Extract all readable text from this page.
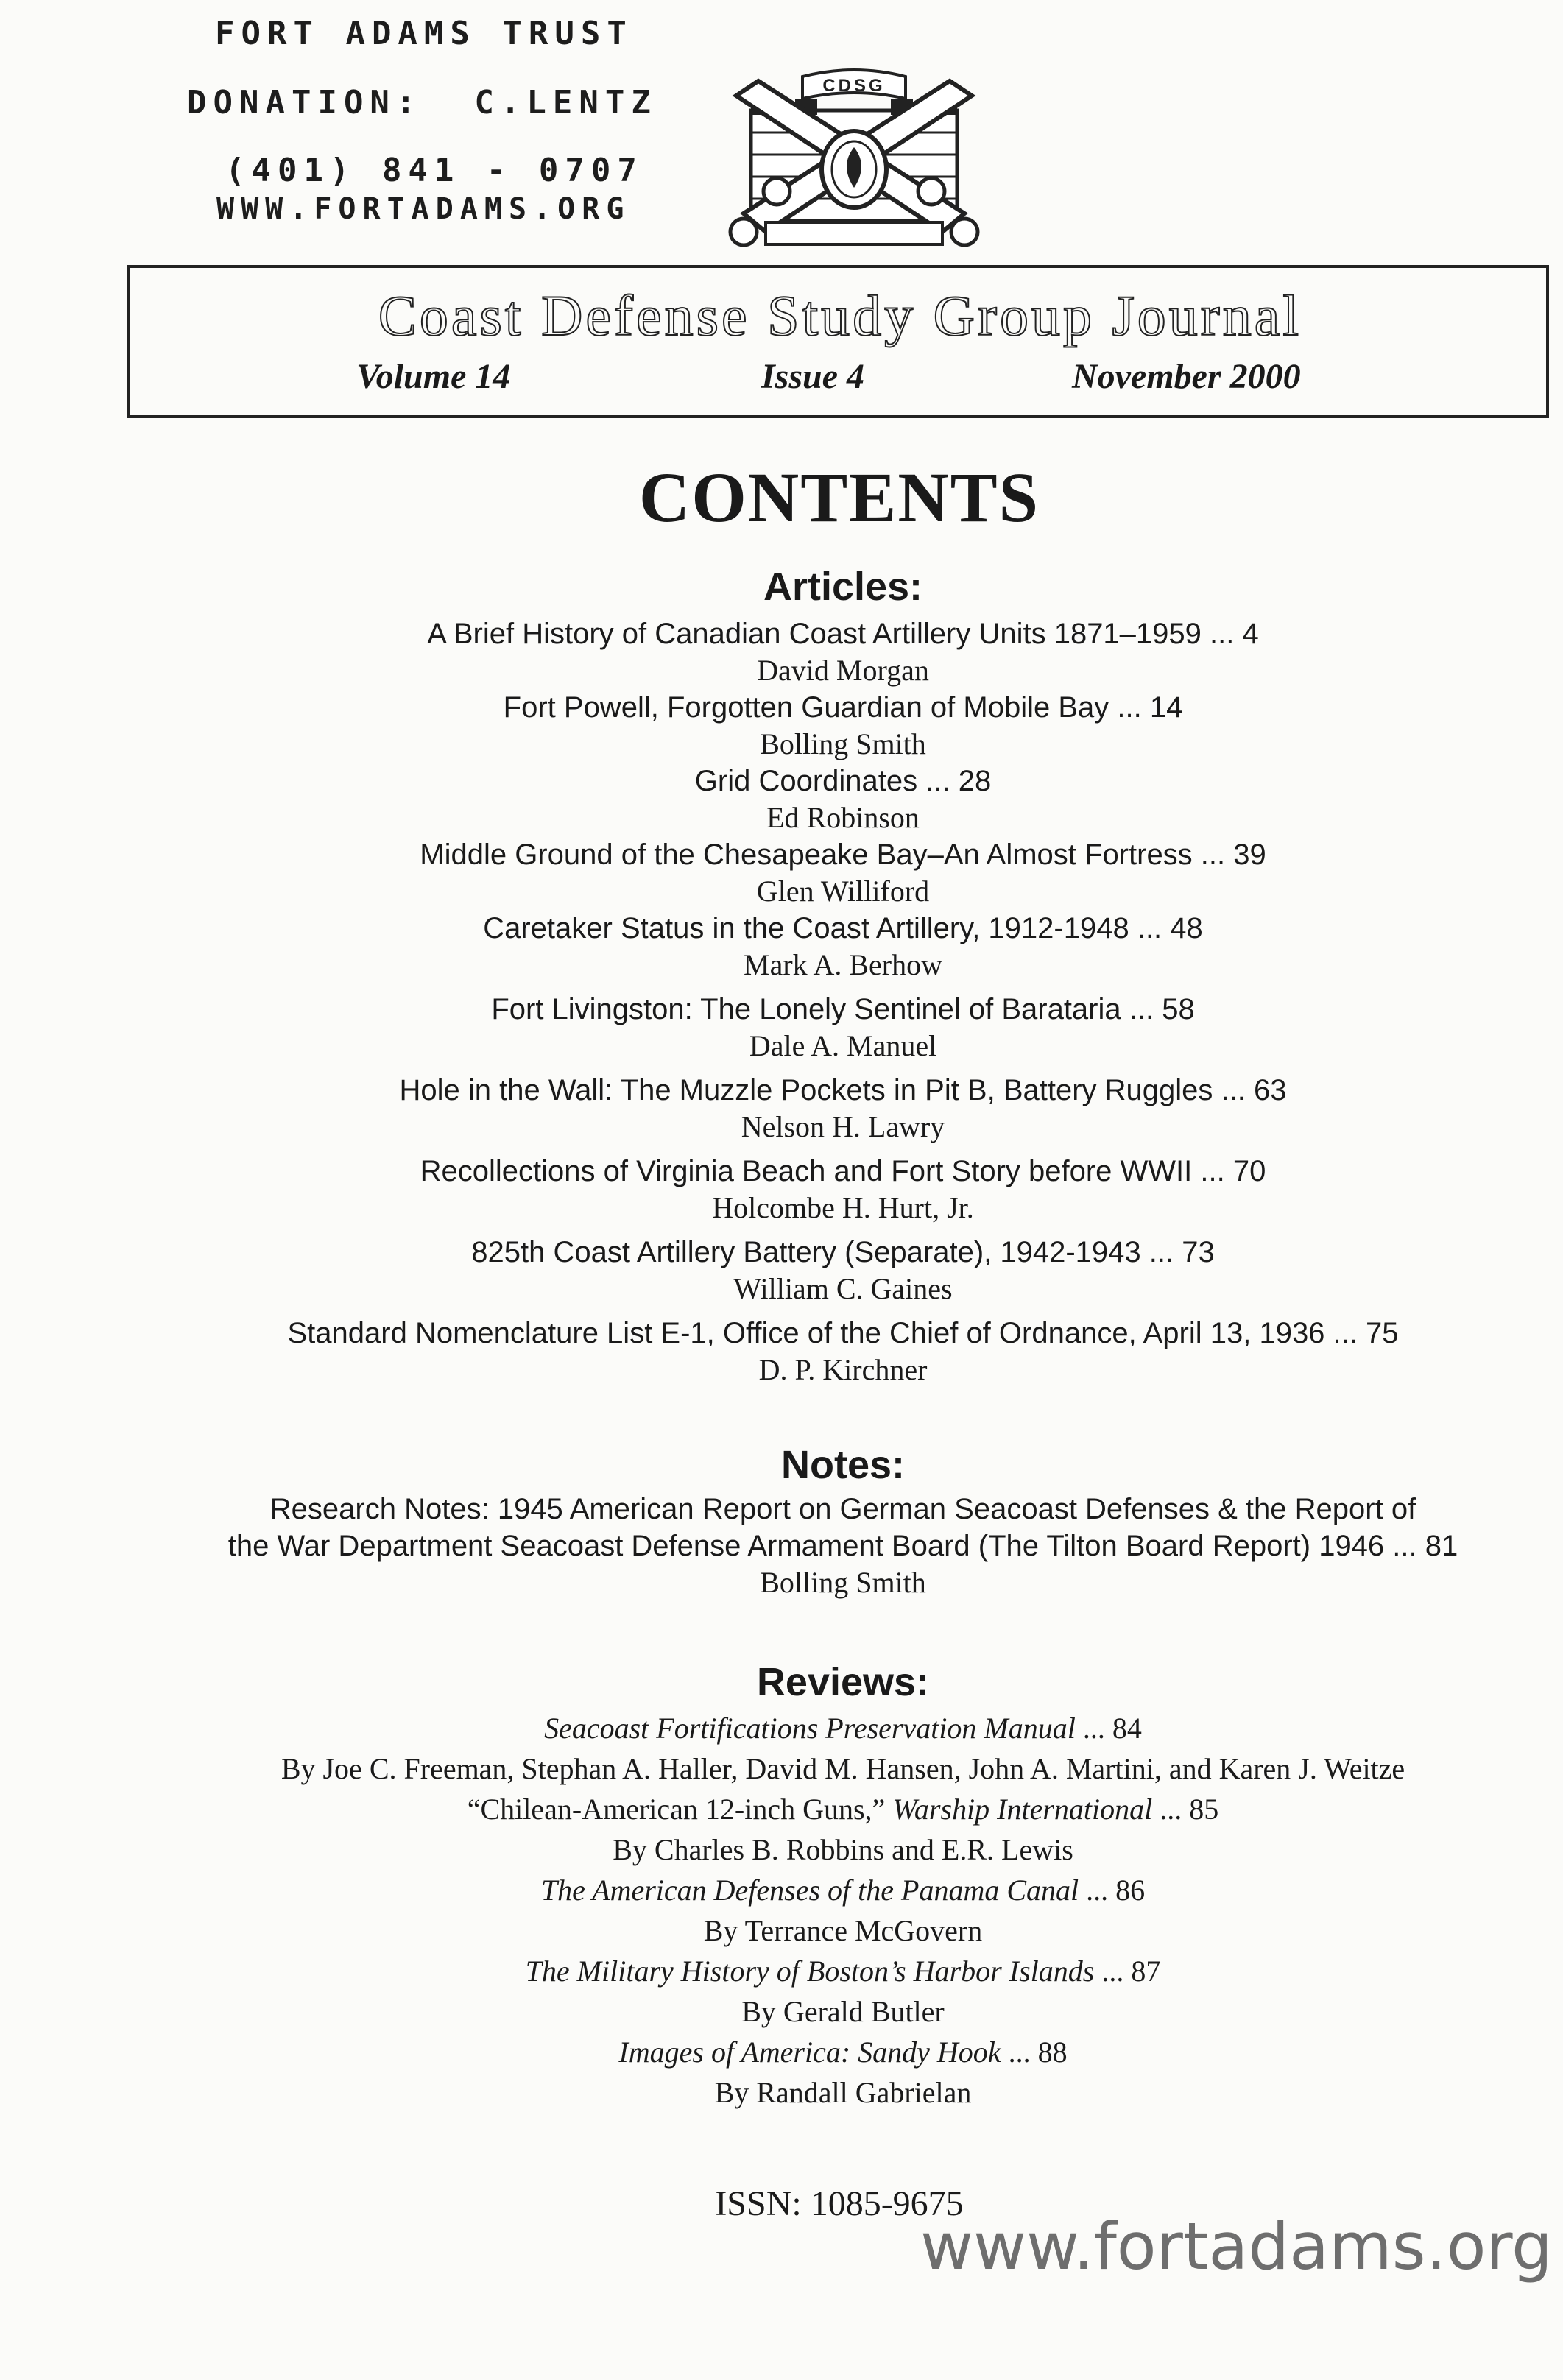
FORT ADAMS TRUST
DONATION:  C.LENTZ
(401) 841 - 0707
WWW.FORTADAMS.ORG
CDSG
Coast Defense Study Group Journal
Volume 14	Issue 4	November 2000
CONTENTS
Articles:
A Brief History of Canadian Coast Artillery Units 1871–1959 ... 4
David Morgan
Fort Powell, Forgotten Guardian of Mobile Bay ... 14
Bolling Smith
Grid Coordinates ... 28
Ed Robinson
Middle Ground of the Chesapeake Bay–An Almost Fortress ... 39
Glen Williford
Caretaker Status in the Coast Artillery, 1912-1948 ... 48
Mark A. Berhow
Fort Livingston: The Lonely Sentinel of Barataria ... 58
Dale A. Manuel
Hole in the Wall: The Muzzle Pockets in Pit B, Battery Ruggles ... 63
Nelson H. Lawry
Recollections of Virginia Beach and Fort Story before WWII ... 70
Holcombe H. Hurt, Jr.
825th Coast Artillery Battery (Separate), 1942-1943 ... 73
William C. Gaines
Standard Nomenclature List E-1, Office of the Chief of Ordnance, April 13, 1936 ... 75
D. P. Kirchner
Notes:
Research Notes: 1945 American Report on German Seacoast Defenses & the Report of
the War Department Seacoast Defense Armament Board (The Tilton Board Report) 1946 ... 81
Bolling Smith
Reviews:
Seacoast Fortifications Preservation Manual ... 84
By Joe C. Freeman, Stephan A. Haller, David M. Hansen, John A. Martini, and Karen J. Weitze
“Chilean-American 12-inch Guns,” Warship International ... 85
By Charles B. Robbins and E.R. Lewis
The American Defenses of the Panama Canal ... 86
By Terrance McGovern
The Military History of Boston’s Harbor Islands ... 87
By Gerald Butler
Images of America: Sandy Hook ... 88
By Randall Gabrielan
ISSN: 1085-9675
www.fortadams.org
